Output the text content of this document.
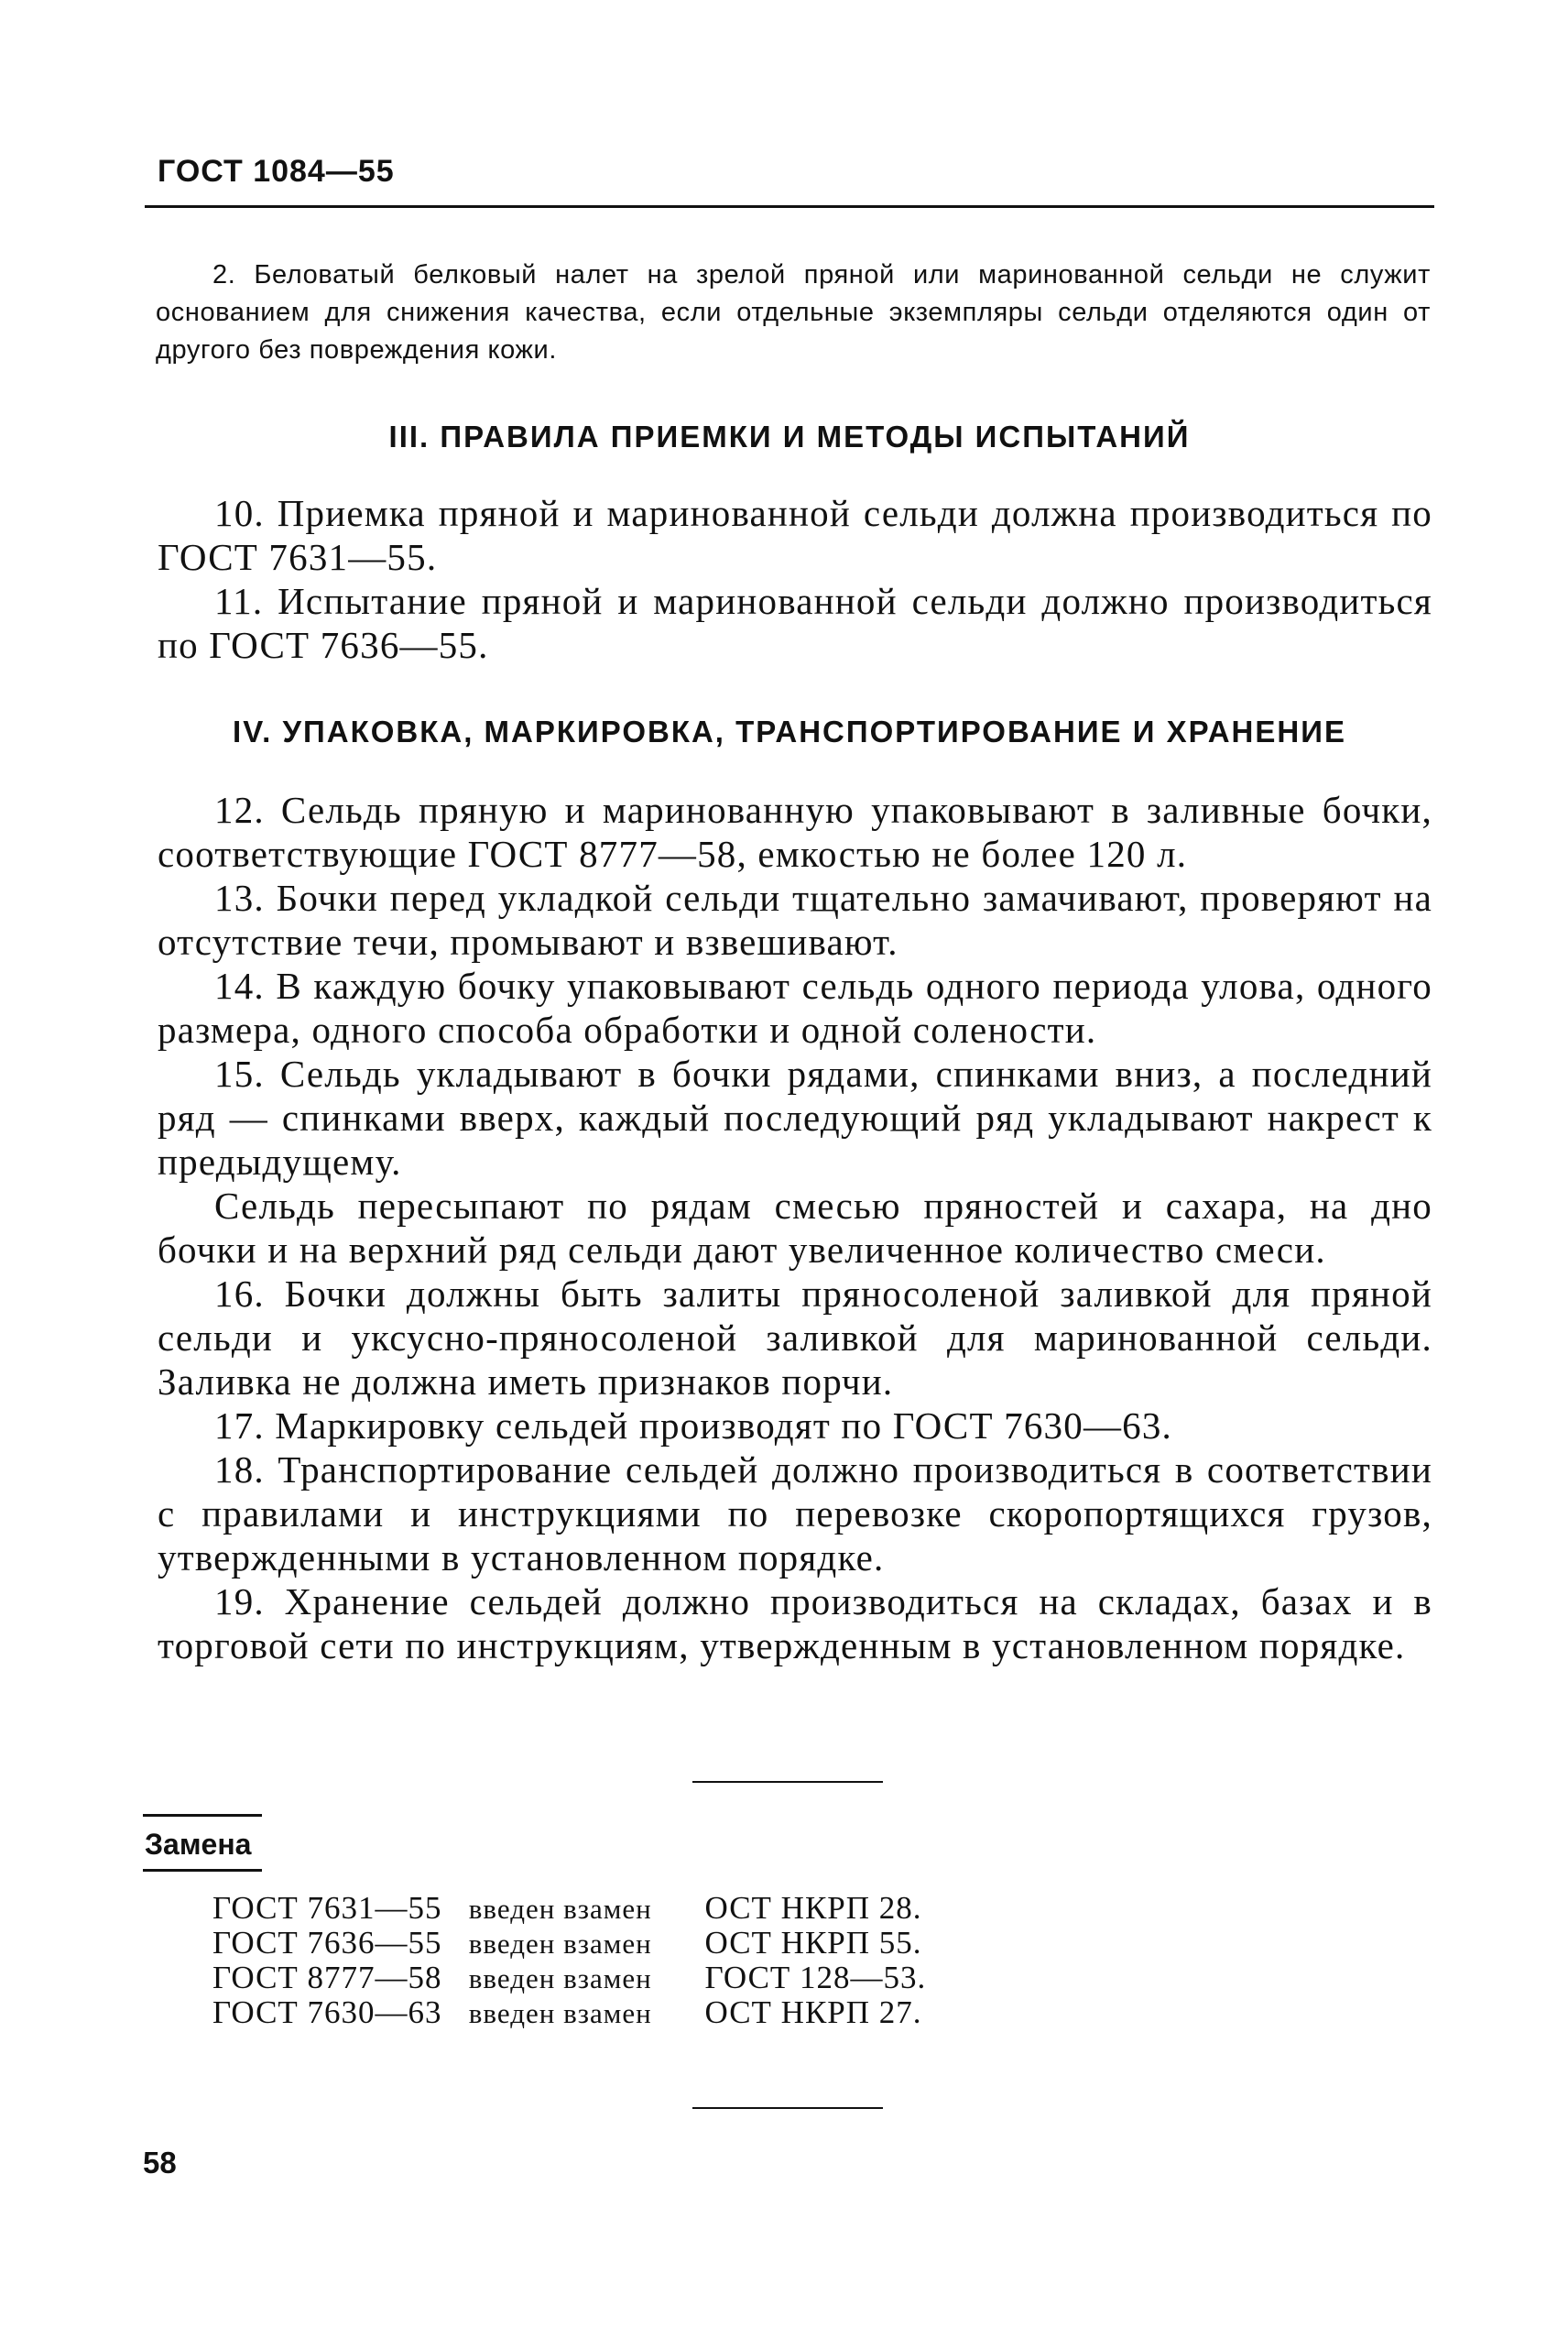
ГОСТ 1084—55
2. Беловатый белковый налет на зрелой пряной или маринованной сельди не служит основанием для снижения качества, если отдельные экземпляры сельди отделяются один от другого без повреждения кожи.
III. ПРАВИЛА ПРИЕМКИ И МЕТОДЫ ИСПЫТАНИЙ

10. Приемка пряной и маринованной сельди должна производиться по ГОСТ 7631—55.

11. Испытание пряной и маринованной сельди должно производиться по ГОСТ 7636—55.

IV. УПАКОВКА, МАРКИРОВКА, ТРАНСПОРТИРОВАНИЕ И ХРАНЕНИЕ

12. Сельдь пряную и маринованную упаковывают в заливные бочки, соответствующие ГОСТ 8777—58, емкостью не более 120 л.

13. Бочки перед укладкой сельди тщательно замачивают, проверяют на отсутствие течи, промывают и взвешивают.

14. В каждую бочку упаковывают сельдь одного периода улова, одного размера, одного способа обработки и одной солености.

15. Сельдь укладывают в бочки рядами, спинками вниз, а последний ряд — спинками вверх, каждый последующий ряд укладывают накрест к предыдущему.

Сельдь пересыпают по рядам смесью пряностей и сахара, на дно бочки и на верхний ряд сельди дают увеличенное количество смеси.

16. Бочки должны быть залиты пряносоленой заливкой для пряной сельди и уксусно-пряносоленой заливкой для маринованной сельди. Заливка не должна иметь признаков порчи.

17. Маркировку сельдей производят по ГОСТ 7630—63.

18. Транспортирование сельдей должно производиться в соответствии с правилами и инструкциями по перевозке скоропортящихся грузов, утвержденными в установленном порядке.

19. Хранение сельдей должно производиться на складах, базах и в торговой сети по инструкциям, утвержденным в установленном порядке.

Замена
ГОСТ 7631—55 введен взамен ОСТ НКРП 28.
ГОСТ 7636—55 введен взамен ОСТ НКРП 55.
ГОСТ 8777—58 введен взамен ГОСТ 128—53.
ГОСТ 7630—63 введен взамен ОСТ НКРП 27.
58
